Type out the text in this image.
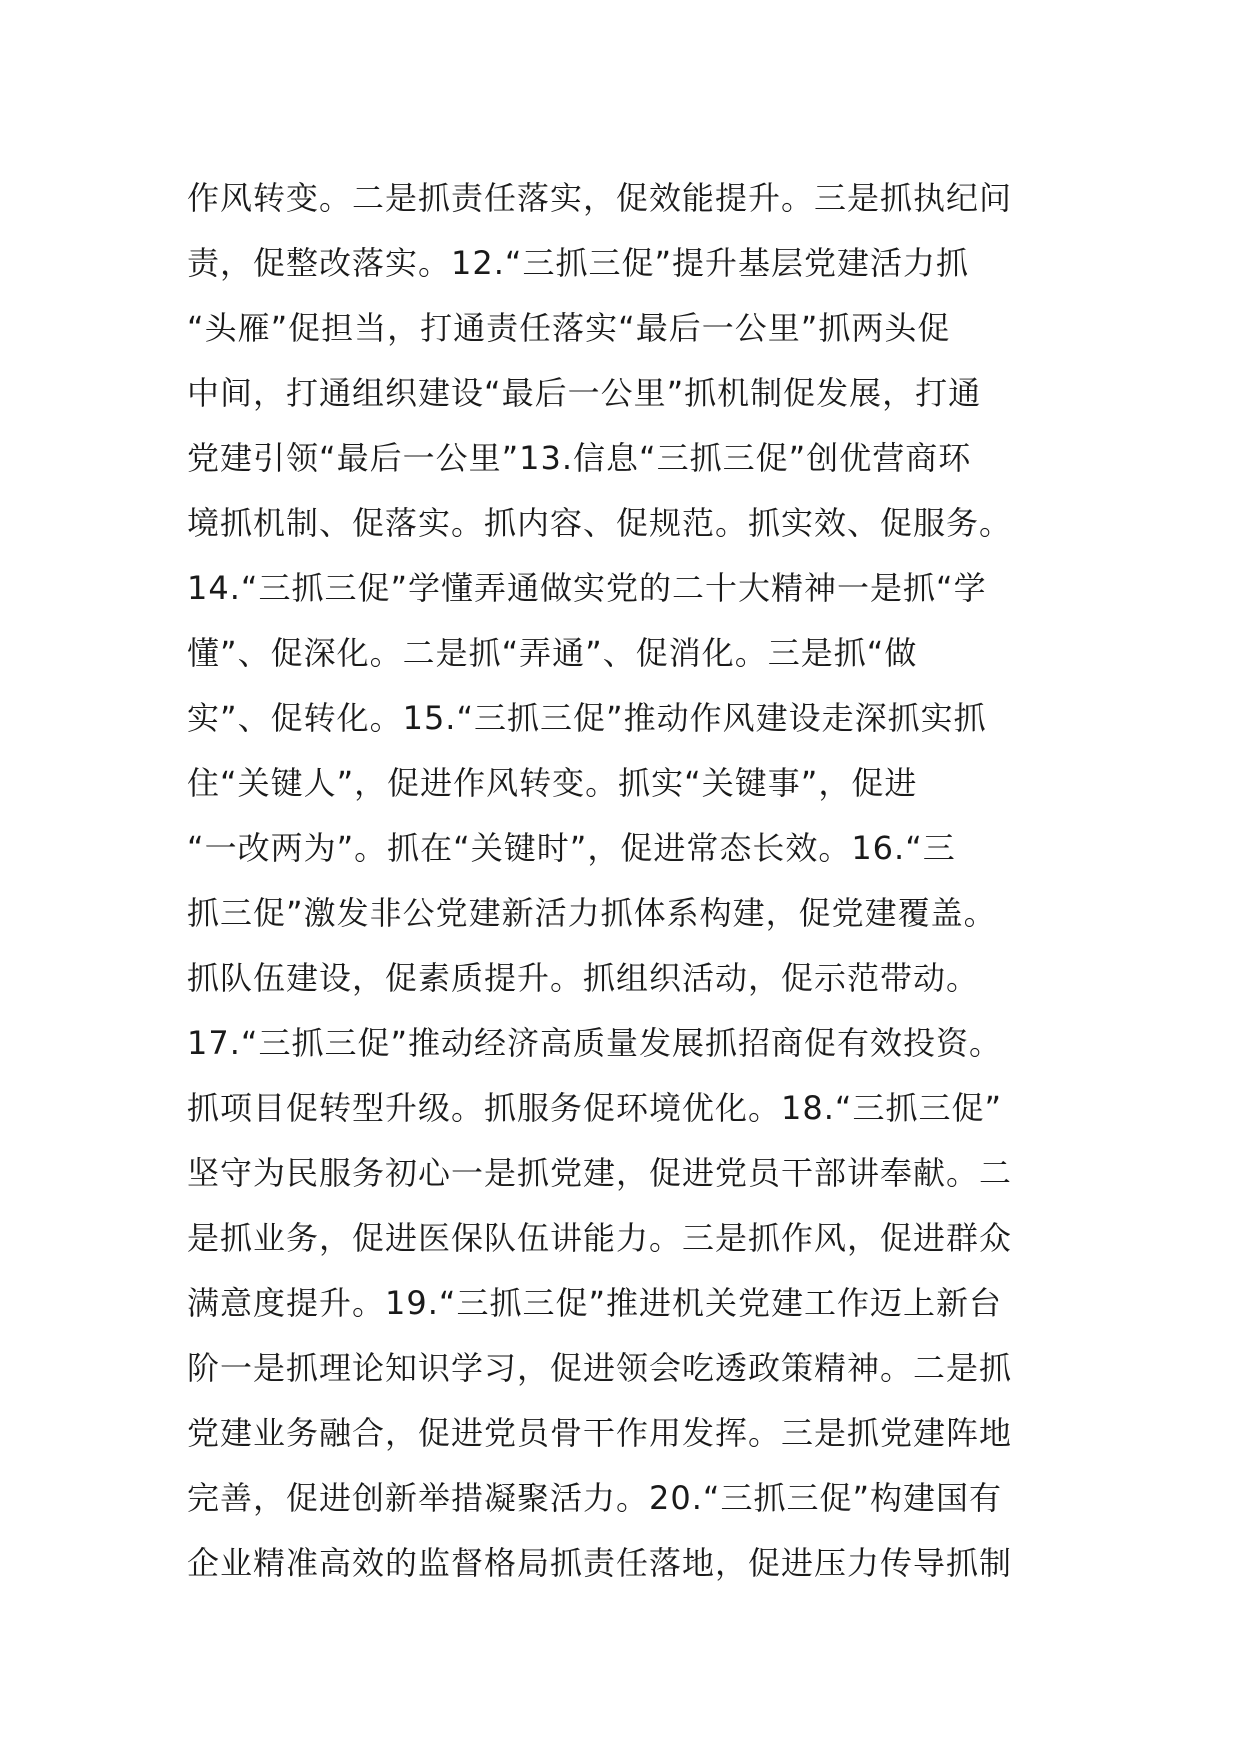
作风转变。二是抓责任落实，促效能提升。三是抓执纪问
责，促整改落实。12.“三抓三促”提升基层党建活力抓
“头雁”促担当，打通责任落实“最后一公里”抓两头促
中间，打通组织建设“最后一公里”抓机制促发展，打通
党建引领“最后一公里”13.信息“三抓三促”创优营商环
境抓机制、促落实。抓内容、促规范。抓实效、促服务。
14.“三抓三促”学懂弄通做实党的二十大精神一是抓“学
懂”、促深化。二是抓“弄通”、促消化。三是抓“做
实”、促转化。15.“三抓三促”推动作风建设走深抓实抓
住“关键人”，促进作风转变。抓实“关键事”，促进
“一改两为”。抓在“关键时”，促进常态长效。16.“三
抓三促”激发非公党建新活力抓体系构建，促党建覆盖。
抓队伍建设，促素质提升。抓组织活动，促示范带动。
17.“三抓三促”推动经济高质量发展抓招商促有效投资。
抓项目促转型升级。抓服务促环境优化。18.“三抓三促”
坚守为民服务初心一是抓党建，促进党员干部讲奉献。二
是抓业务，促进医保队伍讲能力。三是抓作风，促进群众
满意度提升。19.“三抓三促”推进机关党建工作迈上新台
阶一是抓理论知识学习，促进领会吃透政策精神。二是抓
党建业务融合，促进党员骨干作用发挥。三是抓党建阵地
完善，促进创新举措凝聚活力。20.“三抓三促”构建国有
企业精准高效的监督格局抓责任落地，促进压力传导抓制
